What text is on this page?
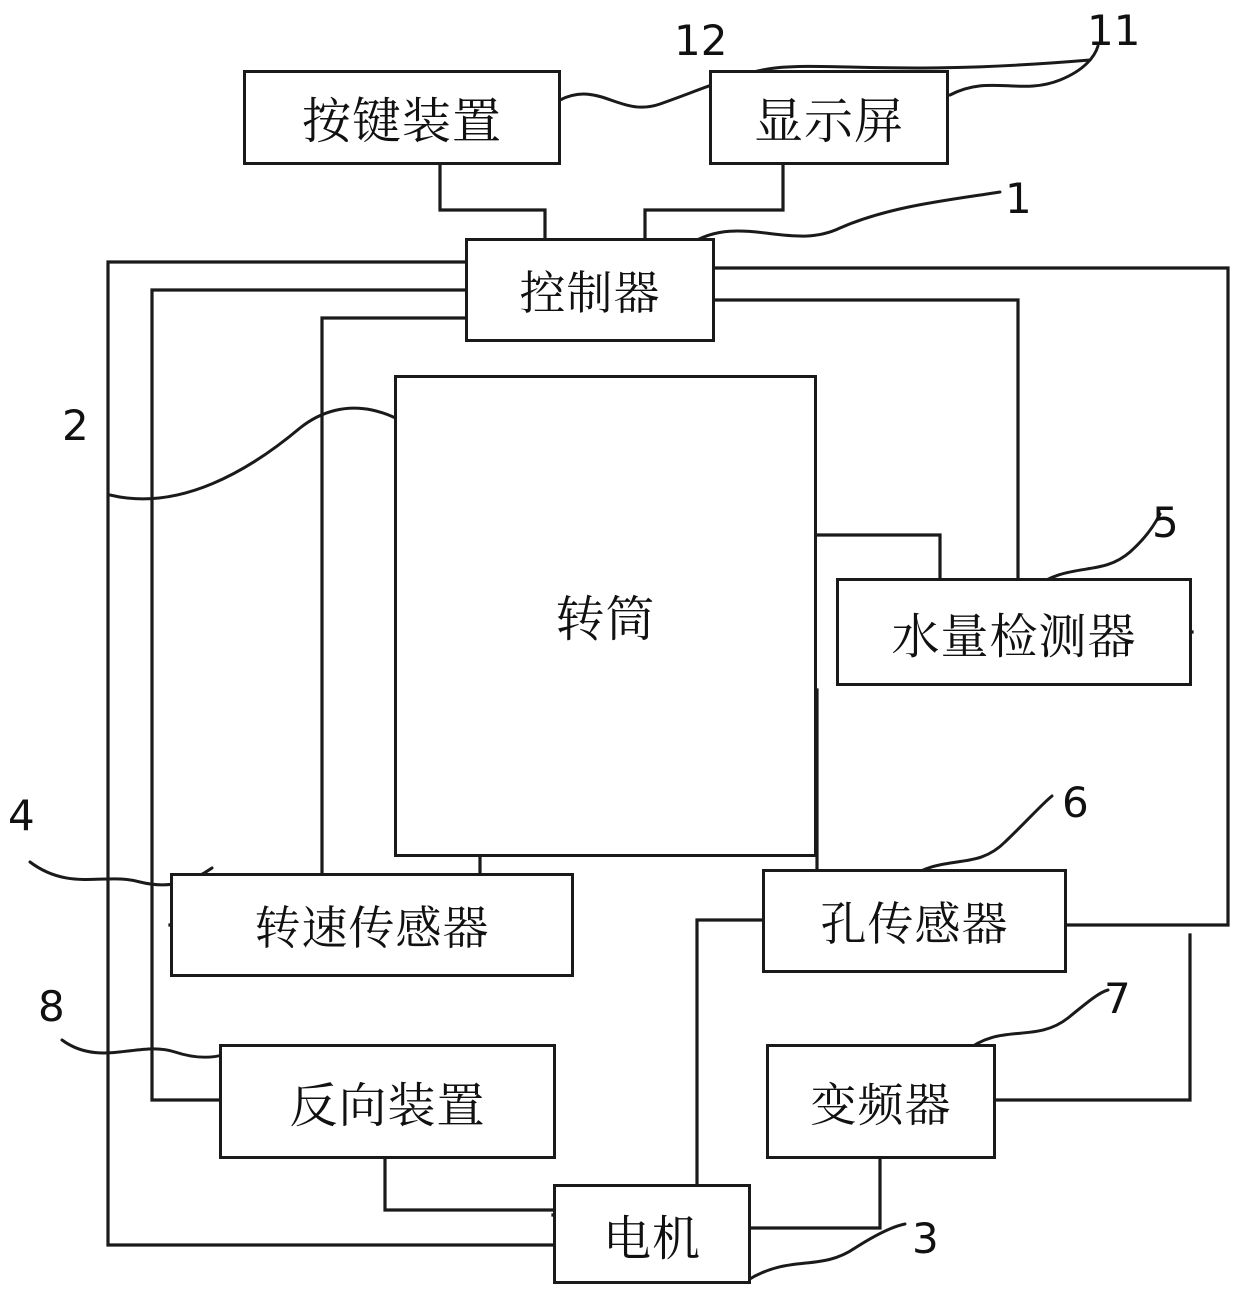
按键装置	显示屏
控制器
转筒	水量检测器
转速传感器	孔传感器
反向装置	变频器
电机
12	11
1
2
5
6
4
7
8
3
